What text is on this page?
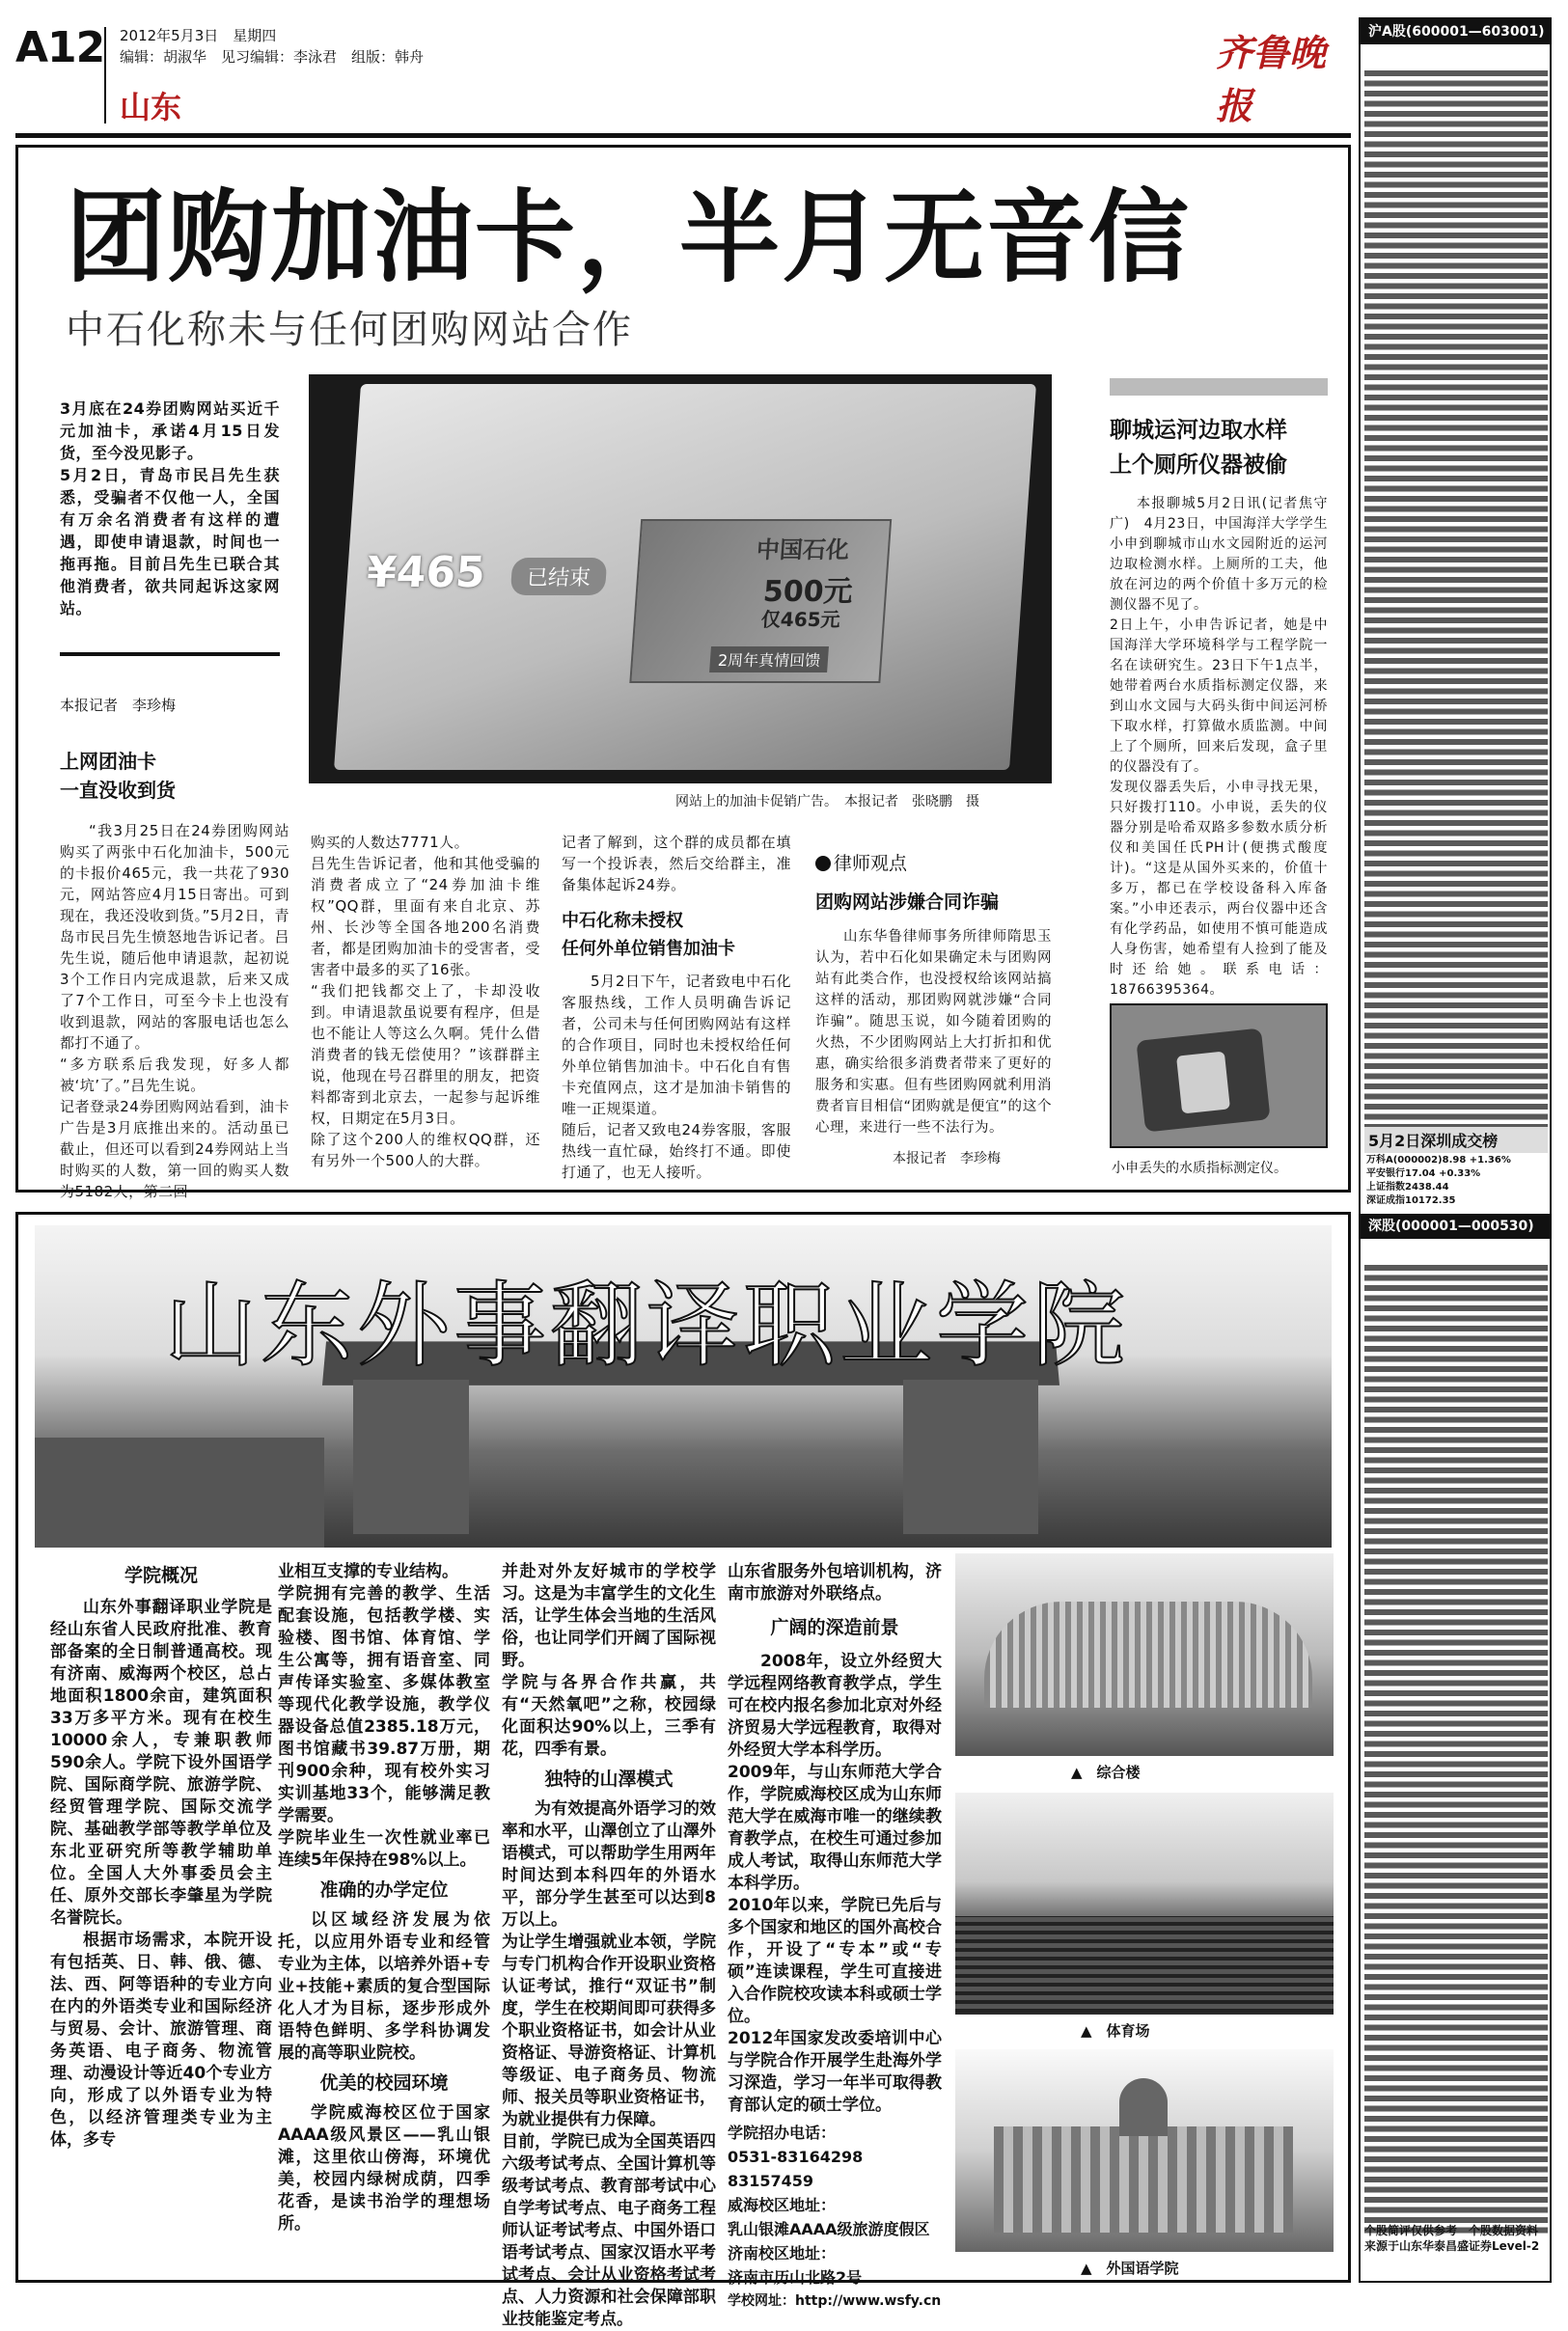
A12 2012年5月3日　星期四
编辑：胡淑华　见习编辑：李泳君　组版：韩舟
山东
齐鲁晚报
团购加油卡，半月无音信
中石化称未与任何团购网站合作

3月底在24券团购网站买近千元加油卡，承诺4月15日发货，至今没见影子。
5月2日，青岛市民吕先生获悉，受骗者不仅他一人，全国有万余名消费者有这样的遭遇，即使申请退款，时间也一拖再拖。目前吕先生已联合其他消费者，欲共同起诉这家网站。

本报记者　李珍梅
上网团油卡
一直没收到货
中国石化
500元
仅465元
2周年真情回馈
¥465	已结束
网站上的加油卡促销广告。　本报记者　张晓鹏　摄

“我3月25日在24券团购网站购买了两张中石化加油卡，500元的卡报价465元，我一共花了930元，网站答应4月15日寄出。可到现在，我还没收到货。”5月2日，青岛市民吕先生愤怒地告诉记者。吕先生说，随后他申请退款，起初说3个工作日内完成退款，后来又成了7个工作日，可至今卡上也没有收到退款，网站的客服电话也怎么都打不通了。
“多方联系后我发现，好多人都被‘坑’了。”吕先生说。
记者登录24券团购网站看到，油卡广告是3月底推出来的。活动虽已截止，但还可以看到24券网站上当时购买的人数，第一回的购买人数为5182人，第二回

购买的人数达7771人。
吕先生告诉记者，他和其他受骗的消费者成立了“24券加油卡维权”QQ群，里面有来自北京、苏州、长沙等全国各地200名消费者，都是团购加油卡的受害者，受害者中最多的买了16张。
“我们把钱都交上了，卡却没收到。申请退款虽说要有程序，但是也不能让人等这么久啊。凭什么借消费者的钱无偿使用？”该群群主说，他现在号召群里的朋友，把资料都寄到北京去，一起参与起诉维权，日期定在5月3日。
除了这个200人的维权QQ群，还有另外一个500人的大群。

记者了解到，这个群的成员都在填写一个投诉表，然后交给群主，准备集体起诉24券。

中石化称未授权
任何外单位销售加油卡

5月2日下午，记者致电中石化客服热线，工作人员明确告诉记者，公司未与任何团购网站有这样的合作项目，同时也未授权给任何外单位销售加油卡。中石化自有售卡充值网点，这才是加油卡销售的唯一正规渠道。
随后，记者又致电24券客服，客服热线一直忙碌，始终打不通。即使打通了，也无人接听。

律师观点
团购网站涉嫌合同诈骗

山东华鲁律师事务所律师隋思玉认为，若中石化如果确定未与团购网站有此类合作，也没授权给该网站搞这样的活动，那团购网就涉嫌“合同诈骗”。随思玉说，如今随着团购的火热，不少团购网站上大打折扣和优惠，确实给很多消费者带来了更好的服务和实惠。但有些团购网就利用消费者盲目相信“团购就是便宜”的这个心理，来进行一些不法行为。

本报记者　李珍梅
聊城运河边取水样
上个厕所仪器被偷

本报聊城5月2日讯(记者焦守广)　4月23日，中国海洋大学学生小申到聊城市山水文园附近的运河边取检测水样。上厕所的工夫，他放在河边的两个价值十多万元的检测仪器不见了。
2日上午，小申告诉记者，她是中国海洋大学环境科学与工程学院一名在读研究生。23日下午1点半，她带着两台水质指标测定仪器，来到山水文园与大码头街中间运河桥下取水样，打算做水质监测。中间上了个厕所，回来后发现，盒子里的仪器没有了。
发现仪器丢失后，小申寻找无果，只好拨打110。小申说，丢失的仪器分别是哈希双路多参数水质分析仪和美国任氏PH计(便携式酸度计)。“这是从国外买来的，价值十多万，都已在学校设备科入库备案。”小申还表示，两台仪器中还含有化学药品，如使用不慎可能造成人身伤害，她希望有人捡到了能及时还给她。联系电话：18766395364。

小申丢失的水质指标测定仪。
沪A股(600001—603001)

5月2日深圳成交榜
万科A(000002)8.98 +1.36%
平安银行17.04 +0.33%
上证指数2438.44
深证成指10172.35
深股(000001—000530)

个股简评仅供参考　个股数据资料来源于山东华泰昌盛证券Level-2
山东外事翻译职业学院
学院概况

山东外事翻译职业学院是经山东省人民政府批准、教育部备案的全日制普通高校。现有济南、威海两个校区，总占地面积1800余亩，建筑面积33万多平方米。现有在校生10000余人，专兼职教师590余人。学院下设外国语学院、国际商学院、旅游学院、经贸管理学院、国际交流学院、基础教学部等教学单位及东北亚研究所等教学辅助单位。全国人大外事委员会主任、原外交部长李肇星为学院名誉院长。

根据市场需求，本院开设有包括英、日、韩、俄、德、法、西、阿等语种的专业方向在内的外语类专业和国际经济与贸易、会计、旅游管理、商务英语、电子商务、物流管理、动漫设计等近40个专业方向，形成了以外语专业为特色，以经济管理类专业为主体，多专

业相互支撑的专业结构。
学院拥有完善的教学、生活配套设施，包括教学楼、实验楼、图书馆、体育馆、学生公寓等，拥有语音室、同声传译实验室、多媒体教室等现代化教学设施，教学仪器设备总值2385.18万元，图书馆藏书39.87万册，期刊900余种，现有校外实习实训基地33个，能够满足教学需要。
学院毕业生一次性就业率已连续5年保持在98%以上。

准确的办学定位

以区域经济发展为依托，以应用外语专业和经管专业为主体，以培养外语+专业+技能+素质的复合型国际化人才为目标，逐步形成外语特色鲜明、多学科协调发展的高等职业院校。

优美的校园环境

学院威海校区位于国家AAAA级风景区——乳山银滩，这里依山傍海，环境优美，校园内绿树成荫，四季花香，是读书治学的理想场所。

并赴对外友好城市的学校学习。这是为丰富学生的文化生活，让学生体会当地的生活风俗，也让同学们开阔了国际视野。
学院与各界合作共赢，共有“天然氧吧”之称，校园绿化面积达90%以上，三季有花，四季有景。

独特的山澤模式

为有效提高外语学习的效率和水平，山澤创立了山澤外语模式，可以帮助学生用两年时间达到本科四年的外语水平，部分学生甚至可以达到8万以上。
为让学生增强就业本领，学院与专门机构合作开设职业资格认证考试，推行“双证书”制度，学生在校期间即可获得多个职业资格证书，如会计从业资格证、导游资格证、计算机等级证、电子商务员、物流师、报关员等职业资格证书，为就业提供有力保障。
目前，学院已成为全国英语四六级考试考点、全国计算机等级考试考点、教育部考试中心自学考试考点、电子商务工程师认证考试考点、中国外语口语考试考点、国家汉语水平考试考点、会计从业资格考试考点、人力资源和社会保障部职业技能鉴定考点。

山东省服务外包培训机构，济南市旅游对外联络点。

广阔的深造前景

2008年，设立外经贸大学远程网络教育教学点，学生可在校内报名参加北京对外经济贸易大学远程教育，取得对外经贸大学本科学历。
2009年，与山东师范大学合作，学院威海校区成为山东师范大学在威海市唯一的继续教育教学点，在校生可通过参加成人考试，取得山东师范大学本科学历。
2010年以来，学院已先后与多个国家和地区的国外高校合作，开设了“专本”或“专硕”连读课程，学生可直接进入合作院校攻读本科或硕士学位。
2012年国家发改委培训中心与学院合作开展学生赴海外学习深造，学习一年半可取得教育部认定的硕士学位。

学院招办电话：
0531-83164298　83157459
威海校区地址：
乳山银滩AAAA级旅游度假区
济南校区地址：
济南市历山北路2号
学校网址：http://www.wsfy.cn
▲　综合楼
▲　体育场
▲　外国语学院
